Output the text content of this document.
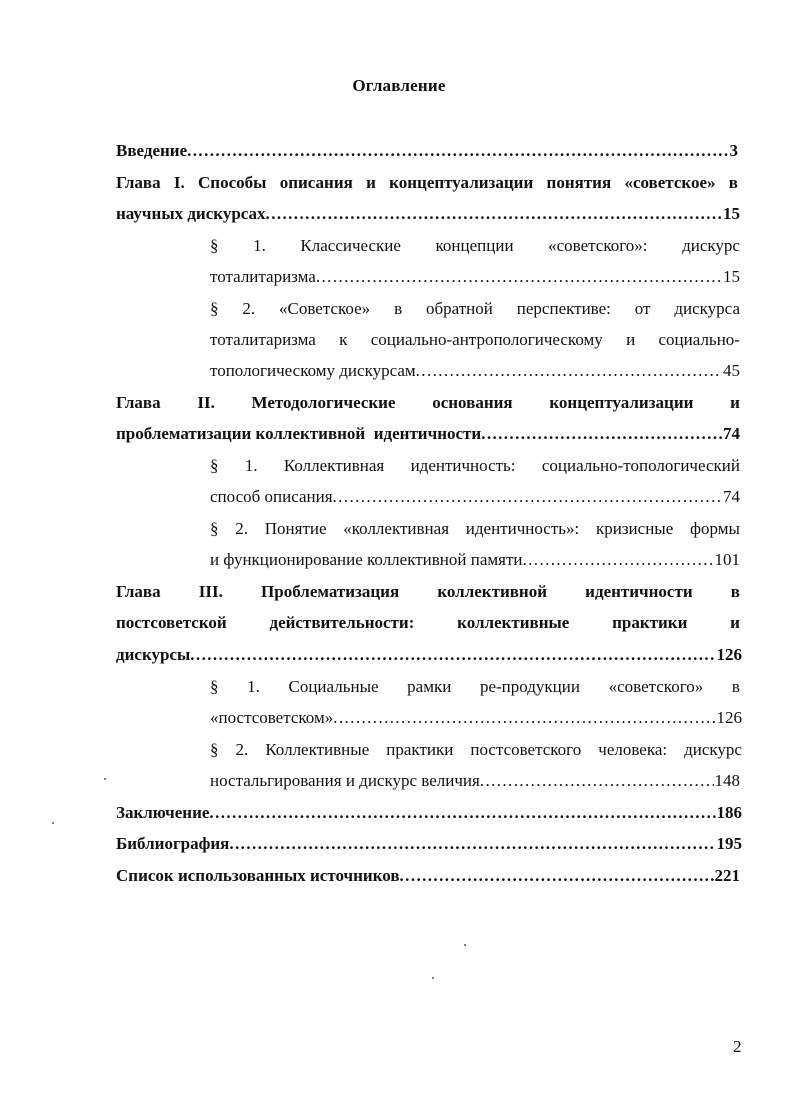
Оглавление
Введение .....	3
Глава I. Способы описания и концептуализации понятия «советское» в
научных дискурсах .....	15
§ 1. Классические концепции «советского»: дискурс
тоталитаризма .....	15
§ 2. «Советское» в обратной перспективе: от дискурса
тоталитаризма к социально-антропологическому и социально-
топологическому дискурсам .....	45
Глава II. Методологические основания концептуализации и
проблематизации коллективной  идентичности .....	74
§ 1. Коллективная идентичность: социально-топологический
способ описания .....	74
§ 2. Понятие «коллективная идентичность»: кризисные формы
и функционирование коллективной памяти .....	101
Глава III. Проблематизация коллективной идентичности в
постсоветской	действительности:	коллективные	практики	и
дискурсы .....	126
§ 1. Социальные рамки ре-продукции «советского» в
«постсоветском» .....	126
§ 2. Коллективные практики постсоветского человека: дискурс
ностальгирования и дискурс величия .....	148
Заключение .....	186
Библиография .....	195
Список использованных источников .....	221
2
